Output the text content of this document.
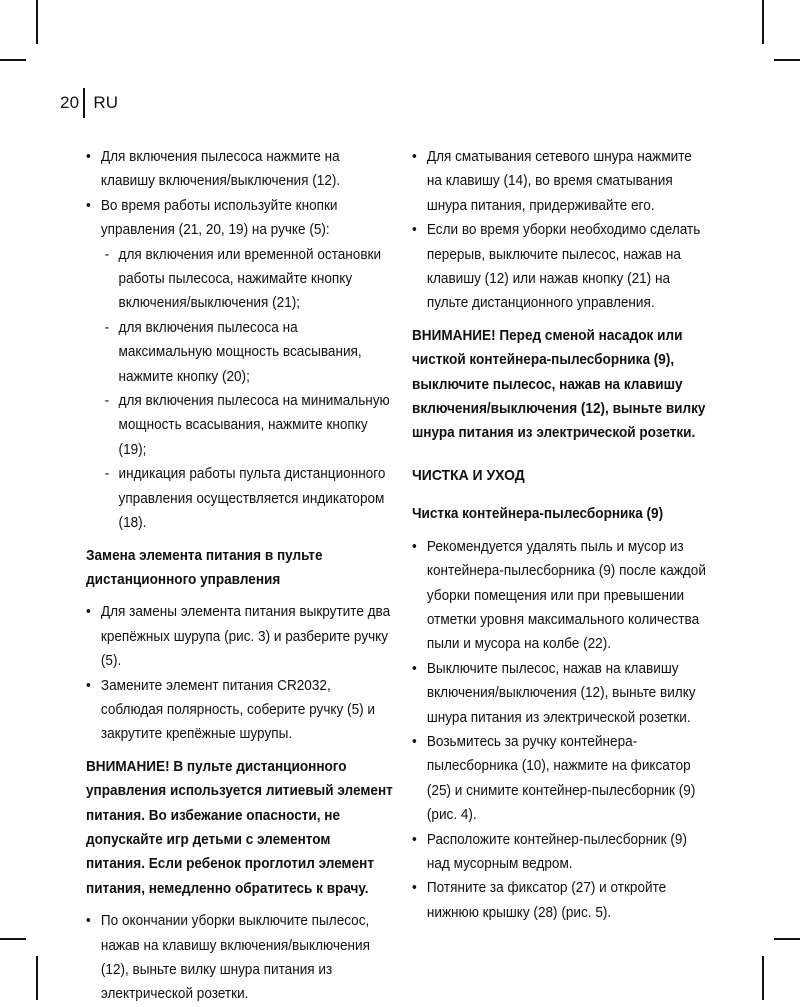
20 RU
• Для включения пылесоса нажмите на клавишу включения/выключения (12).
• Во время работы используйте кнопки управления (21, 20, 19) на ручке (5):
- для включения или временной остановки работы пылесоса, нажимайте кнопку включения/выключения (21);
- для включения пылесоса на максимальную мощность всасывания, нажмите кнопку (20);
- для включения пылесоса на минимальную мощность всасывания, нажмите кнопку (19);
- индикация работы пульта дистанционного управления осуществляется индикатором (18).

Замена элемента питания в пульте дистанционного управления

• Для замены элемента питания выкрутите два крепёжных шурупа (рис. 3) и разберите ручку (5).
• Замените элемент питания CR2032, соблюдая полярность, соберите ручку (5) и закрутите крепёжные шурупы.

ВНИМАНИЕ! В пульте дистанционного управления используется литиевый элемент питания. Во избежание опасности, не допускайте игр детьми с элементом питания. Если ребенок проглотил элемент питания, немедленно обратитесь к врачу.

• По окончании уборки выключите пылесос, нажав на клавишу включения/выключения (12), выньте вилку шнура питания из электрической розетки.
• Для сматывания сетевого шнура нажмите на клавишу (14), во время сматывания шнура питания, придерживайте его.
• Если во время уборки необходимо сделать перерыв, выключите пылесос, нажав на клавишу (12) или нажав кнопку (21) на пульте дистанционного управления.

ВНИМАНИЕ! Перед сменой насадок или чисткой контейнера-пылесборника (9), выключите пылесос, нажав на клавишу включения/выключения (12), выньте вилку шнура питания из электрической розетки.

ЧИСТКА И УХОД

Чистка контейнера-пылесборника (9)

• Рекомендуется удалять пыль и мусор из контейнера-пылесборника (9) после каждой уборки помещения или при превышении отметки уровня максимального количества пыли и мусора на колбе (22).
• Выключите пылесос, нажав на клавишу включения/выключения (12), выньте вилку шнура питания из электрической розетки.
• Возьмитесь за ручку контейнера-пылесборника (10), нажмите на фиксатор (25) и снимите контейнер-пылесборник (9) (рис. 4).
• Расположите контейнер-пылесборник (9) над мусорным ведром.
• Потяните за фиксатор (27) и откройте нижнюю крышку (28) (рис. 5).
